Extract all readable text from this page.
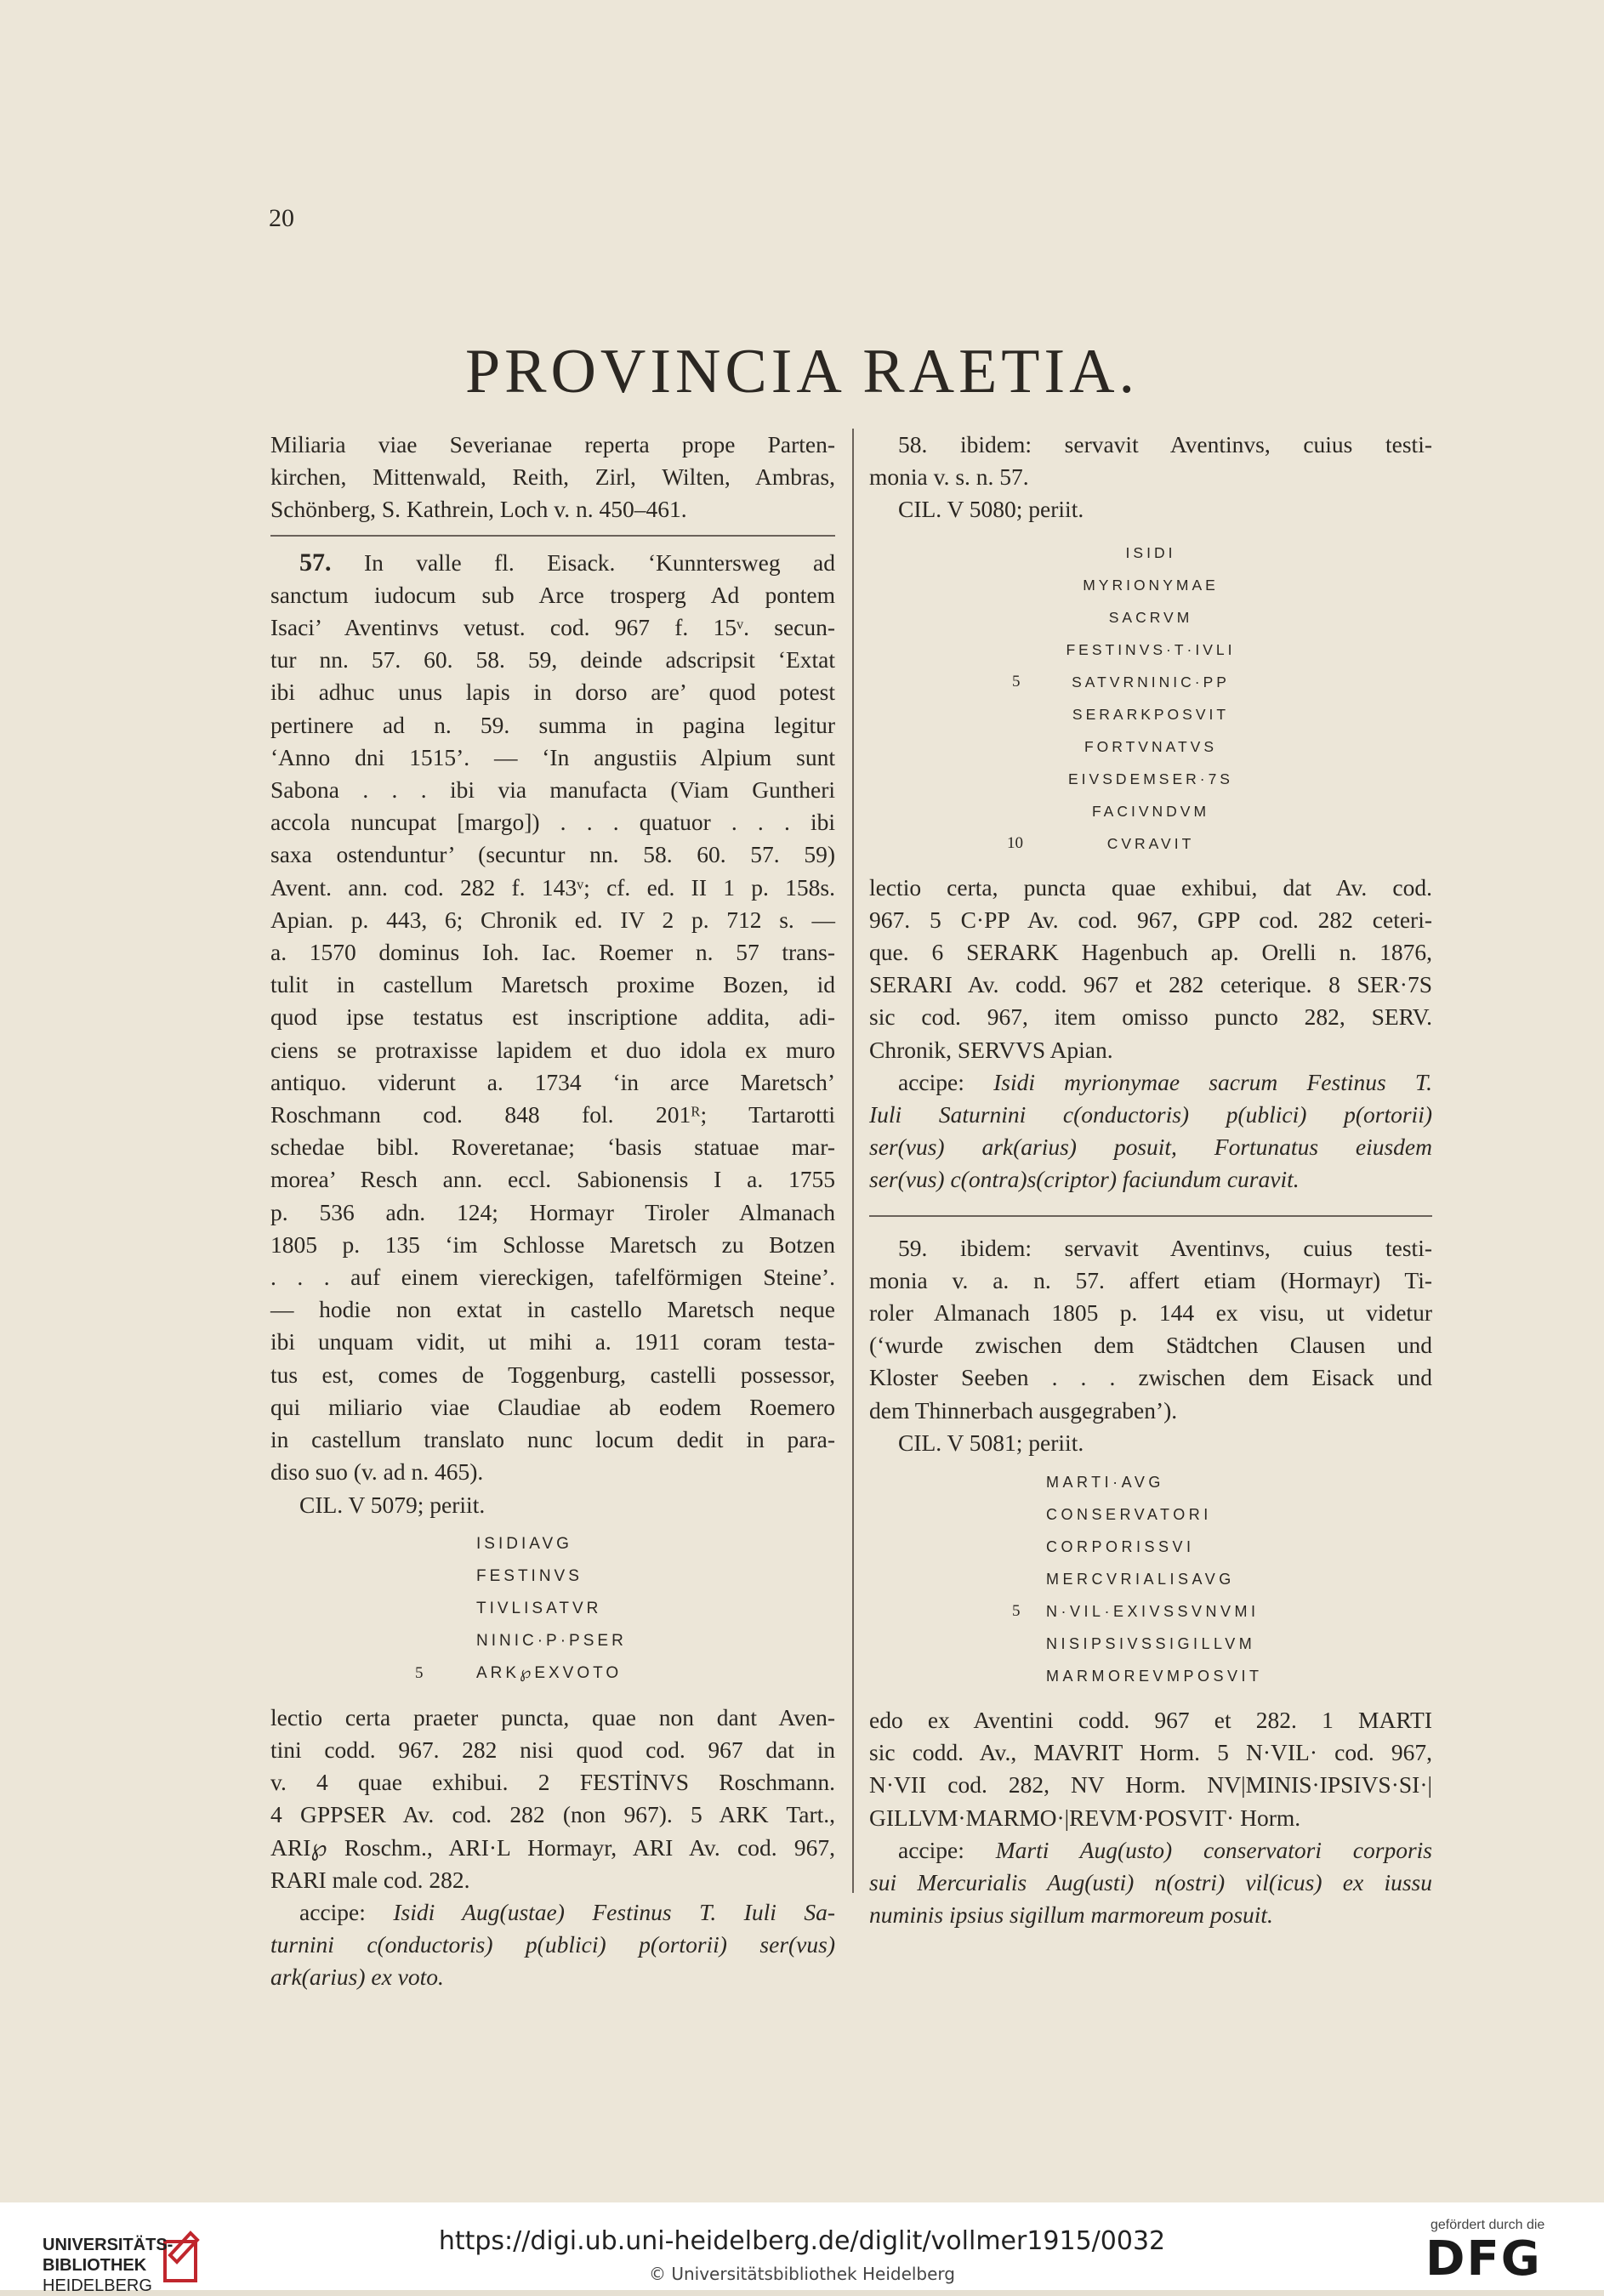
20
PROVINCIA RAETIA.
Miliaria viae Severianae reperta prope Parten-
kirchen, Mittenwald, Reith, Zirl, Wilten, Ambras,
Schönberg, S. Kathrein, Loch v. n. 450–461.
57. In valle fl. Eisack. ‘Kunntersweg ad
sanctum iudocum sub Arce trosperg Ad pontem
Isaci’ Aventinvs vetust. cod. 967 f. 15ᵛ. secun-
tur nn. 57. 60. 58. 59, deinde adscripsit ‘Extat
ibi adhuc unus lapis in dorso are’ quod potest
pertinere ad n. 59. summa in pagina legitur
‘Anno dni 1515’. — ‘In angustiis Alpium sunt
Sabona . . . ibi via manufacta (Viam Guntheri
accola nuncupat [margo]) . . . quatuor . . . ibi
saxa ostenduntur’ (secuntur nn. 58. 60. 57. 59)
Avent. ann. cod. 282 f. 143ᵛ; cf. ed. II 1 p. 158s.
Apian. p. 443, 6; Chronik ed. IV 2 p. 712 s. —
a. 1570 dominus Ioh. Iac. Roemer n. 57 trans-
tulit in castellum Maretsch proxime Bozen, id
quod ipse testatus est inscriptione addita, adi-
ciens se protraxisse lapidem et duo idola ex muro
antiquo. viderunt a. 1734 ‘in arce Maretsch’
Roschmann cod. 848 fol. 201ᴿ; Tartarotti
schedae bibl. Roveretanae; ‘basis statuae mar-
morea’ Resch ann. eccl. Sabionensis I a. 1755
p. 536 adn. 124; Hormayr Tiroler Almanach
1805 p. 135 ‘im Schlosse Maretsch zu Botzen
. . . auf einem viereckigen, tafelförmigen Steine’.
— hodie non extat in castello Maretsch neque
ibi unquam vidit, ut mihi a. 1911 coram testa-
tus est, comes de Toggenburg, castelli possessor,
qui miliario viae Claudiae ab eodem Roemero
in castellum translato nunc locum dedit in para-
diso suo (v. ad n. 465).
CIL. V 5079; periit.
ISIDIAVG
FESTINVS
TIVLISATVR
NINIC·P·PSER
ARK℘EXVOTO
5
lectio certa praeter puncta, quae non dant Aven-
tini codd. 967. 282 nisi quod cod. 967 dat in
v. 4 quae exhibui. 2 FESTİNVS Roschmann.
4 GPPSER Av. cod. 282 (non 967). 5 ARK Tart.,
ARI℘ Roschm., ARI·L Hormayr, ARI Av. cod. 967,
RARI male cod. 282.
accipe: Isidi Aug(ustae) Festinus T. Iuli Sa-
turnini c(onductoris) p(ublici) p(ortorii) ser(vus)
ark(arius) ex voto.
58. ibidem: servavit Aventinvs, cuius testi-
monia v. s. n. 57.
CIL. V 5080; periit.
ISIDI
MYRIONYMAE
SACRVM
FESTINVS·T·IVLI
SATVRNINIC·PP
SERARKPOSVIT
FORTVNATVS
EIVSDEMSER·7S
FACIVNDVM
CVRAVIT
5
10
lectio certa, puncta quae exhibui, dat Av. cod.
967. 5 C·PP Av. cod. 967, GPP cod. 282 ceteri-
que. 6 SERARK Hagenbuch ap. Orelli n. 1876,
SERARI Av. codd. 967 et 282 ceterique. 8 SER·7S
sic cod. 967, item omisso puncto 282, SERV.
Chronik, SERVVS Apian.
accipe: Isidi myrionymae sacrum Festinus T.
Iuli Saturnini c(onductoris) p(ublici) p(ortorii)
ser(vus) ark(arius) posuit, Fortunatus eiusdem
ser(vus) c(ontra)s(criptor) faciundum curavit.
59. ibidem: servavit Aventinvs, cuius testi-
monia v. a. n. 57. affert etiam (Hormayr) Ti-
roler Almanach 1805 p. 144 ex visu, ut videtur
(‘wurde zwischen dem Städtchen Clausen und
Kloster Seeben . . . zwischen dem Eisack und
dem Thinnerbach ausgegraben’).
CIL. V 5081; periit.
MARTI·AVG
CONSERVATORI
CORPORISSVI
MERCVRIALISAVG
N·VIL·EXIVSSVNVMI
NISIPSIVSSIGILLVM
MARMOREVMPOSVIT
5
edo ex Aventini codd. 967 et 282. 1 MARTI
sic codd. Av., MAVRIT Horm. 5 N·VIL· cod. 967,
N·VII cod. 282, NV Horm. NV|MINIS·IPSIVS·SI·|
GILLVM·MARMO·|REVM·POSVIT· Horm.
accipe: Marti Aug(usto) conservatori corporis
sui Mercurialis Aug(usti) n(ostri) vil(icus) ex iussu
numinis ipsius sigillum marmoreum posuit.
UNIVERSITÄTS-
BIBLIOTHEK
HEIDELBERG
https://digi.ub.uni-heidelberg.de/diglit/vollmer1915/0032
© Universitätsbibliothek Heidelberg
gefördert durch die
DFG
